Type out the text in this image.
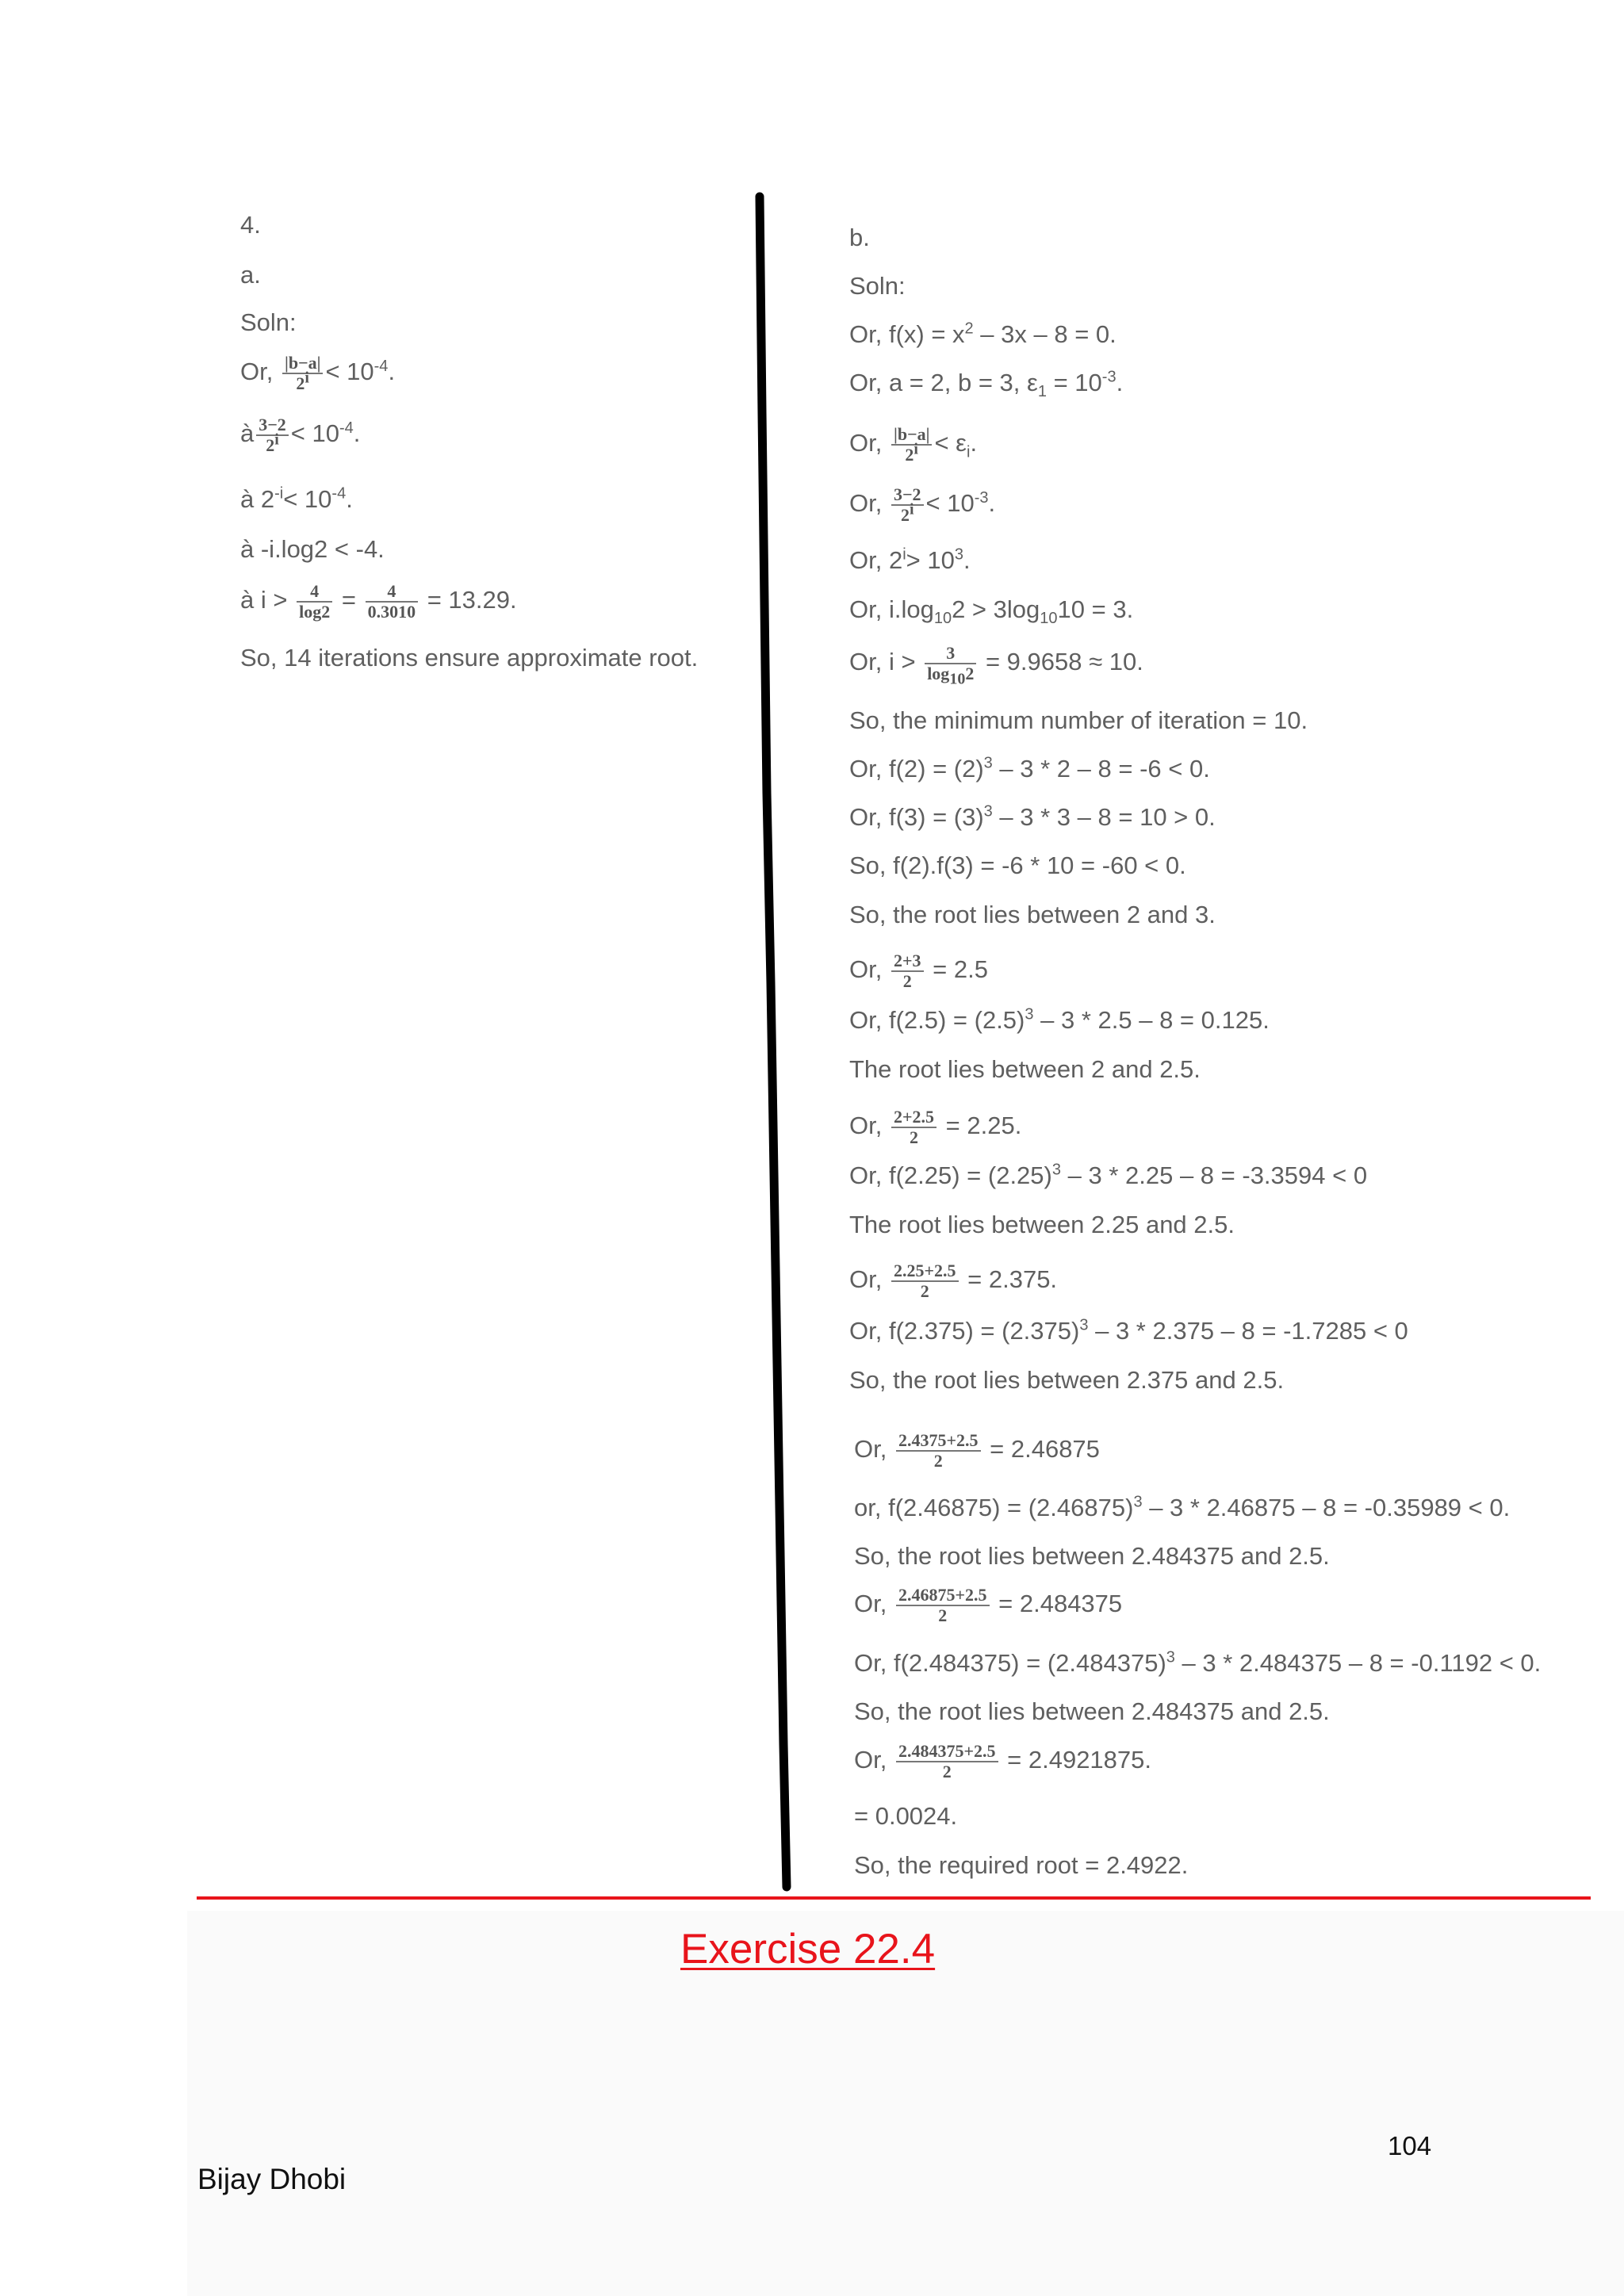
4.
a.
Soln:
Or, $\frac{|b-a|}{2^i} < 10^{-4}$.
à $\frac{3-2}{2^i} < 10^{-4}$.
à $2^{-i}< 10^{-4}$.
à -i.log2 < -4.
à $i > \frac{4}{\log 2} = \frac{4}{0.3010} = 13.29$.
So, 14 iterations ensure approximate root.
b.
Soln:
Or, $f(x) = x^2 - 3x - 8 = 0$.
Or, a = 2, b = 3, $\varepsilon_1 = 10^{-3}$.
Or, $\frac{|b-a|}{2^i} < \varepsilon_i$.
Or, $\frac{3-2}{2^i} < 10^{-3}$.
Or, $2^i> 10^3$.
Or, $i.\log_{10}2 > 3\log_{10}10 = 3$.
Or, $i > \frac{3}{\log_{10}2} = 9.9658 \approx 10$.
So, the minimum number of iteration = 10.
Or, $f(2) = (2)^3 - 3 * 2 - 8 = -6 < 0$.
Or, $f(3) = (3)^3 - 3 * 3 - 8 = 10 > 0$.
So, f(2).f(3) = -6 * 10 = -60 < 0.
So, the root lies between 2 and 3.
Or, $\frac{2+3}{2} = 2.5$
Or, $f(2.5) = (2.5)^3 - 3 * 2.5 - 8 = 0.125$.
The root lies between 2 and 2.5.
Or, $\frac{2+2.5}{2} = 2.25$.
Or, $f(2.25) = (2.25)^3 - 3 * 2.25 - 8 = -3.3594 < 0$
The root lies between 2.25 and 2.5.
Or, $\frac{2.25+2.5}{2} = 2.375$.
Or, $f(2.375) = (2.375)^3 - 3 * 2.375 - 8 = -1.7285 < 0$
So, the root lies between 2.375 and 2.5.
Or, $\frac{2.4375+2.5}{2} = 2.46875$
or, $f(2.46875) = (2.46875)^3 - 3 * 2.46875 - 8 = -0.35989 < 0$.
So, the root lies between 2.484375 and 2.5.
Or, $\frac{2.46875+2.5}{2} = 2.484375$
Or, $f(2.484375) = (2.484375)^3 - 3 * 2.484375 - 8 = -0.1192 < 0$.
So, the root lies between 2.484375 and 2.5.
Or, $\frac{2.484375+2.5}{2} = 2.4921875$.
= 0.0024.
So, the required root = 2.4922.
Exercise 22.4
104
Bijay Dhobi
